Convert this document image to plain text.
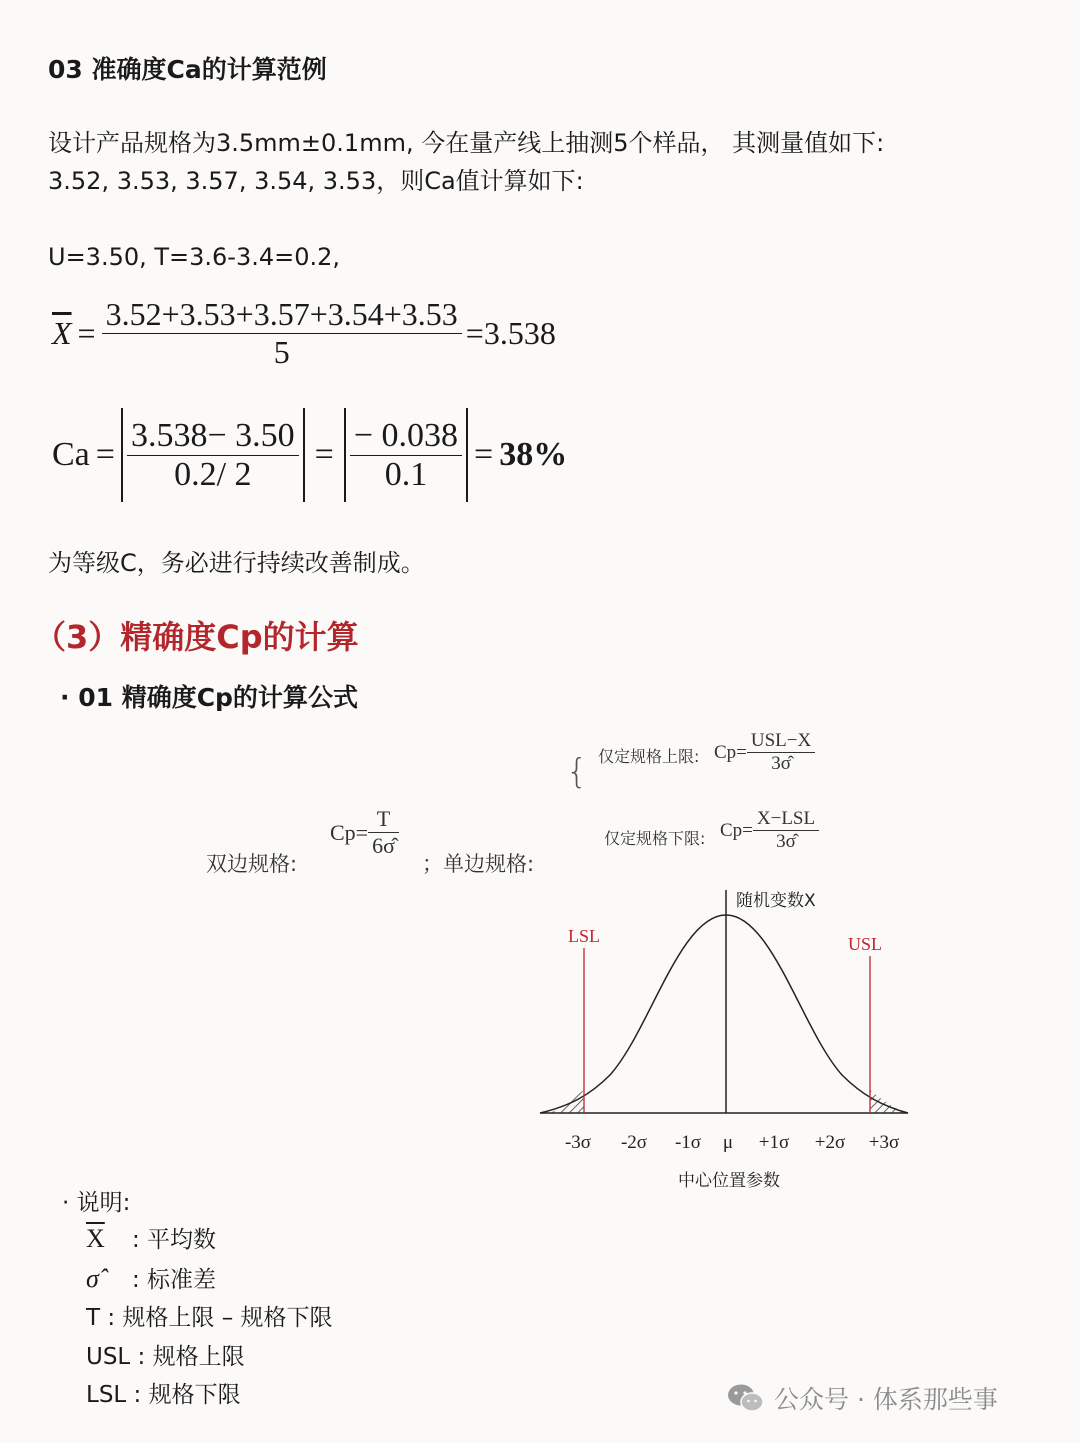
03 准确度Ca的计算范例
设计产品规格为3.5mm±0.1mm, 今在量产线上抽测5个样品， 其测量值如下:
3.52, 3.53, 3.57, 3.54, 3.53，则Ca值计算如下:
U=3.50, T=3.6-3.4=0.2,
$\overline{X} = \frac{3.52+3.53+3.57+3.54+3.53}{5} =3.538$
$Ca = \frac{3.538- 3.50}{0.2/ 2} = \frac{- 0.038}{0.1} = 38\%$
为等级C，务必进行持续改善制成。
（3）精确度Cp的计算
· 01 精确度Cp的计算公式
双边规格:
$Cp= \frac{T}{6\sigmâ}$
；单边规格:
{ 仅定规格上限: $Cp= \frac{\text{USL−X}}{3\sigmâ}$
仅定规格下限: $Cp= \frac{\text{X−LSL}}{3\sigmâ}$
LSL	USL
随机变数X
-3σ -2σ -1σ μ +1σ +2σ +3σ
中心位置参数
· 说明:
$\overline{X}$ : 平均数
σ̂ : 标准差
T : 规格上限 – 规格下限
USL : 规格上限
LSL : 规格下限	公众号 · 体系那些事
